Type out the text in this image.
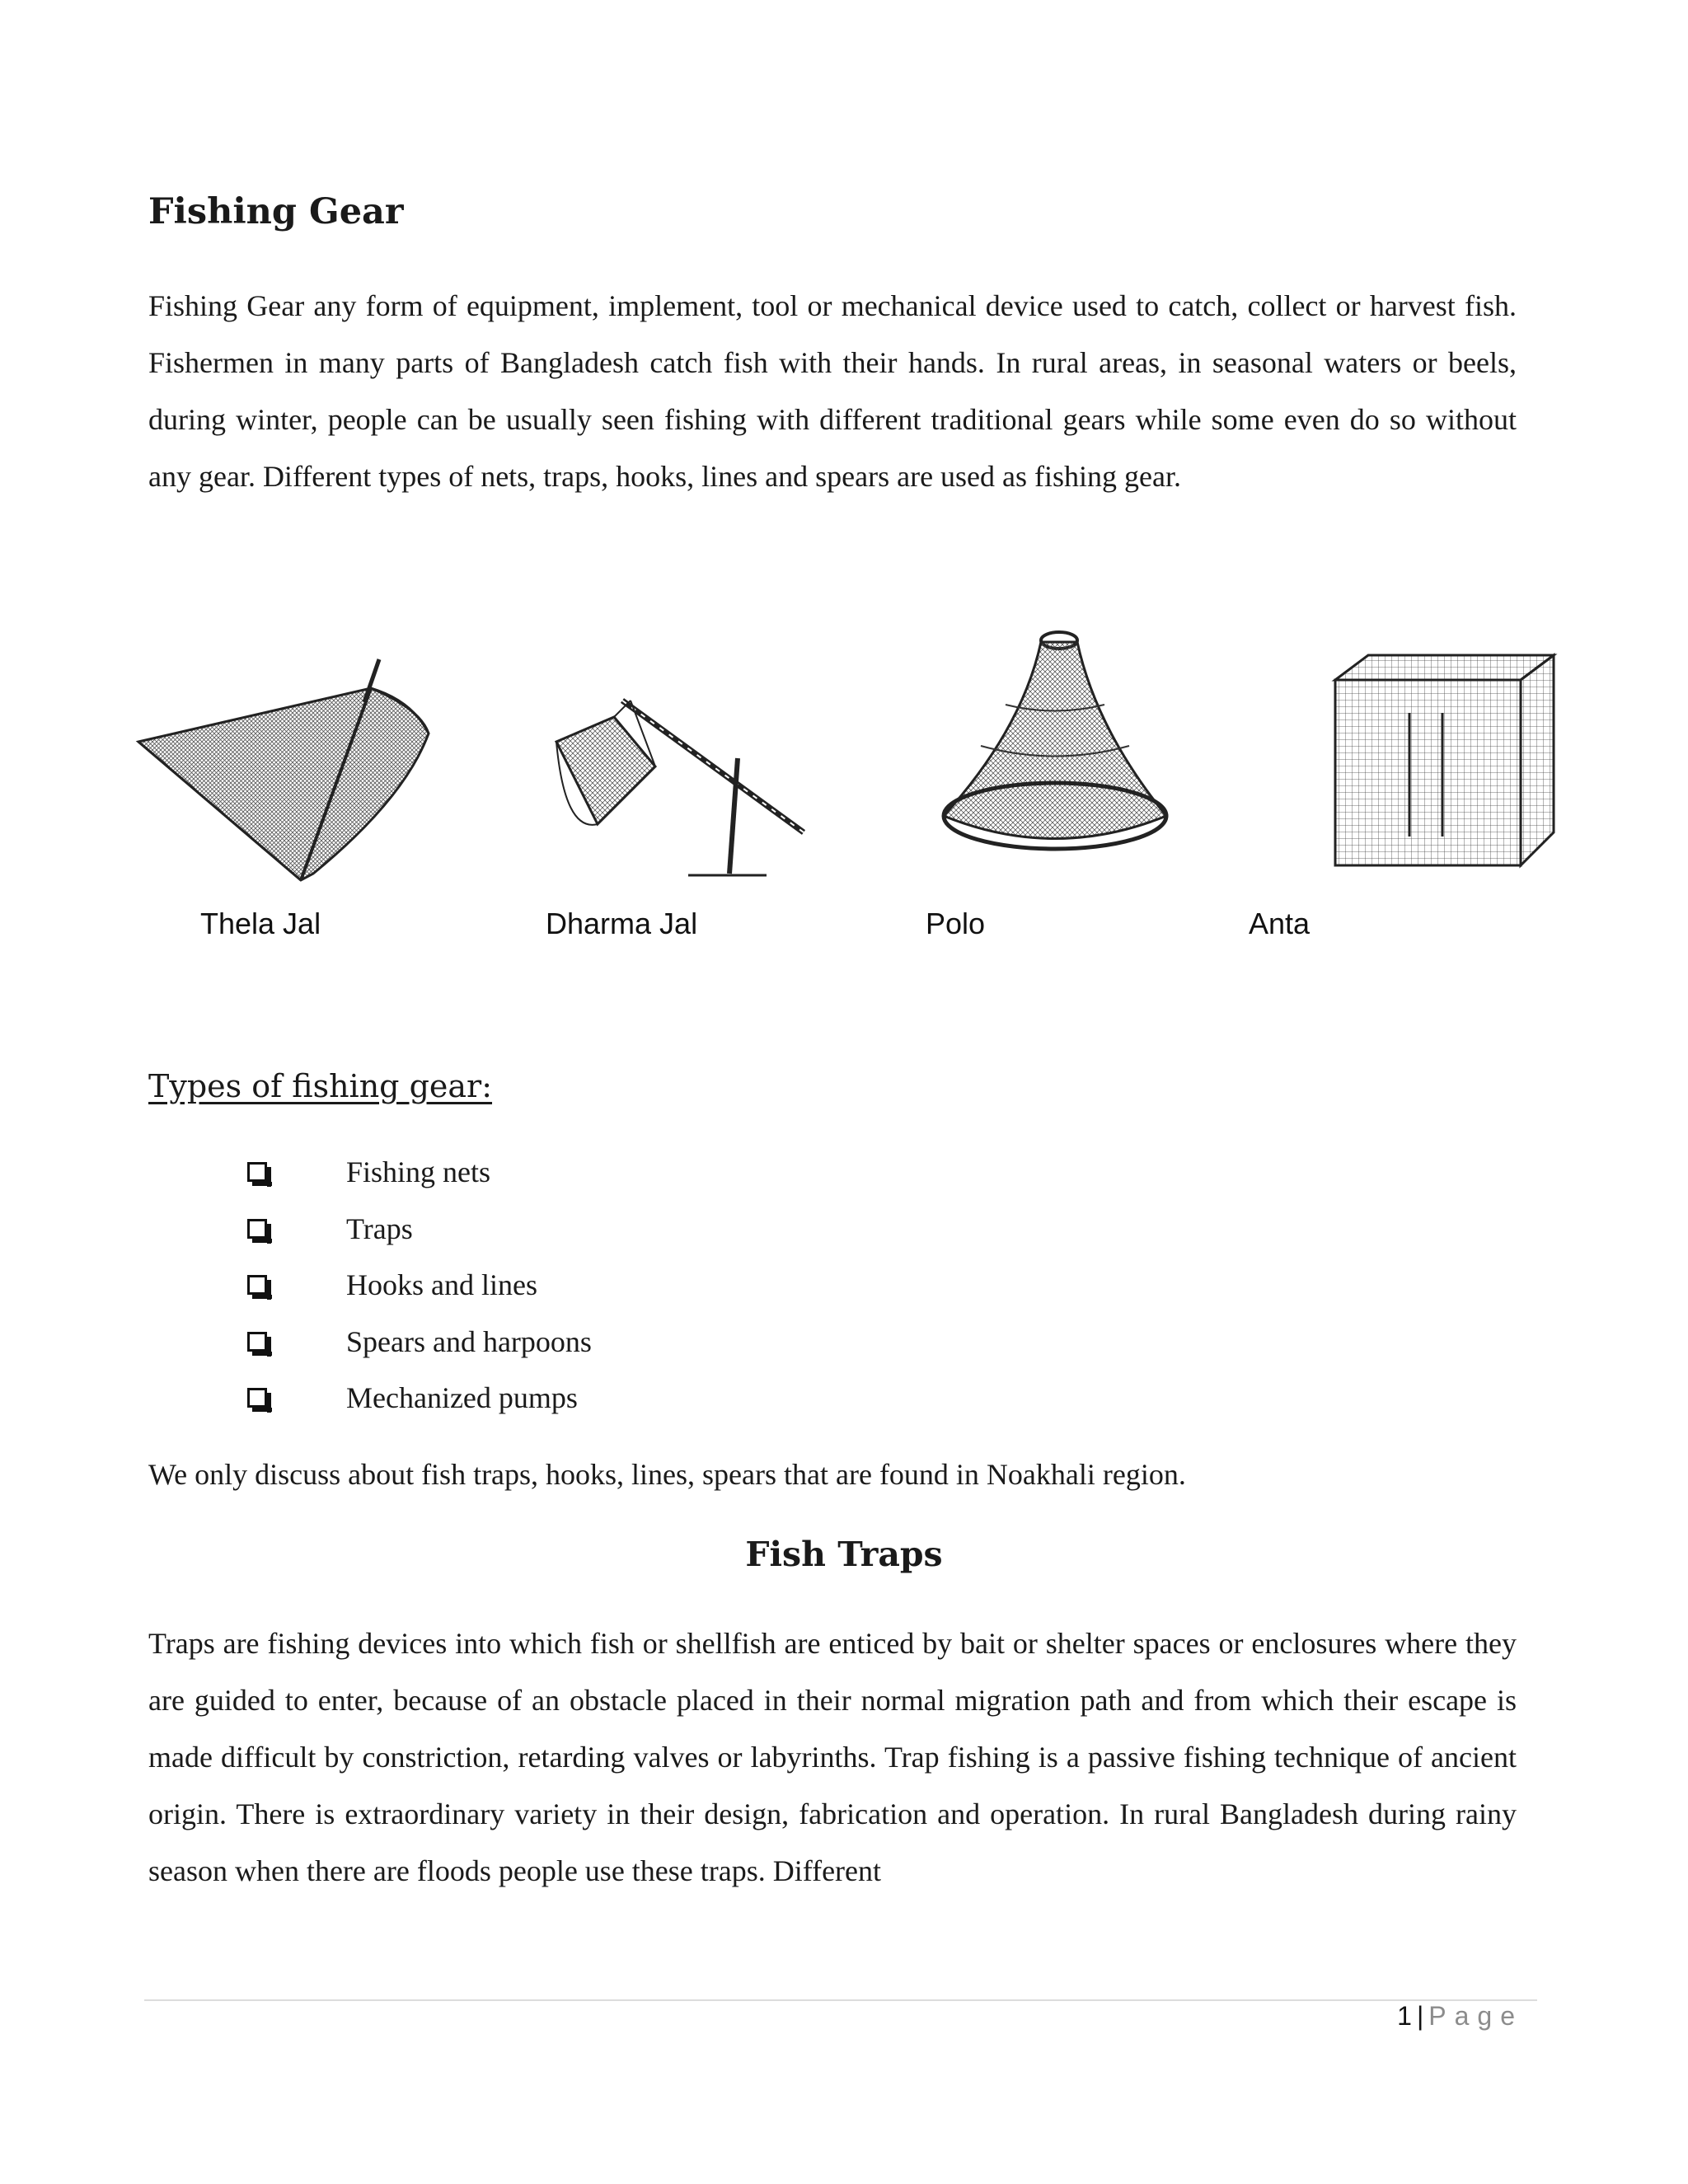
Fishing Gear

Fishing Gear any form of equipment, implement, tool or mechanical device used to catch, collect or harvest fish. Fishermen in many parts of Bangladesh catch fish with their hands. In rural areas, in seasonal waters or beels, during winter, people can be usually seen fishing with different traditional gears while some even do so without any gear. Different types of nets, traps, hooks, lines and spears are used as fishing gear.

Thela Jal	Dharma Jal	Polo	Anta
Types of fishing gear:
Fishing nets
Traps
Hooks and lines
Spears and harpoons
Mechanized pumps

We only discuss about fish traps, hooks, lines, spears that are found in Noakhali region.

Fish Traps

Traps are fishing devices into which fish or shellfish are enticed by bait or shelter spaces or enclosures where they are guided to enter, because of an obstacle placed in their normal migration path and from which their escape is made difficult by constriction, retarding valves or labyrinths. Trap fishing is a passive fishing technique of ancient origin. There is extraordinary variety in their design, fabrication and operation. In rural Bangladesh during rainy season when there are floods people use these traps. Different

1 | Page
